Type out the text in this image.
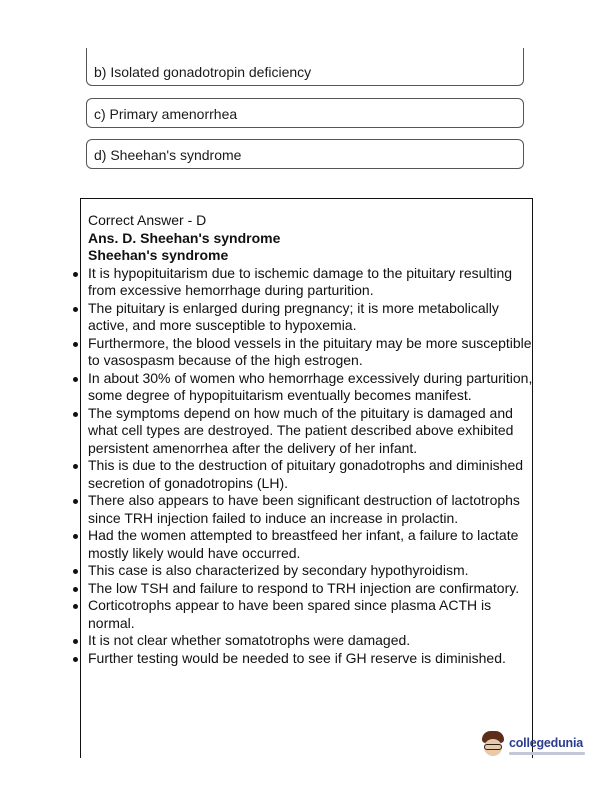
b) Isolated gonadotropin deficiency
c) Primary amenorrhea
d) Sheehan's syndrome
Correct Answer - D
Ans. D. Sheehan's syndrome
Sheehan's syndrome
It is hypopituitarism due to ischemic damage to the pituitary resulting from excessive hemorrhage during parturition.
The pituitary is enlarged during pregnancy; it is more metabolically active, and more susceptible to hypoxemia.
Furthermore, the blood vessels in the pituitary may be more susceptible to vasospasm because of the high estrogen.
In about 30% of women who hemorrhage excessively during parturition, some degree of hypopituitarism eventually becomes manifest.
The symptoms depend on how much of the pituitary is damaged and what cell types are destroyed. The patient described above exhibited persistent amenorrhea after the delivery of her infant.
This is due to the destruction of pituitary gonadotrophs and diminished secretion of gonadotropins (LH).
There also appears to have been significant destruction of lactotrophs since TRH injection failed to induce an increase in prolactin.
Had the women attempted to breastfeed her infant, a failure to lactate mostly likely would have occurred.
This case is also characterized by secondary hypothyroidism.
The low TSH and failure to respond to TRH injection are confirmatory.
Corticotrophs appear to have been spared since plasma ACTH is normal.
It is not clear whether somatotrophs were damaged.
Further testing would be needed to see if GH reserve is diminished.
collegedunia
